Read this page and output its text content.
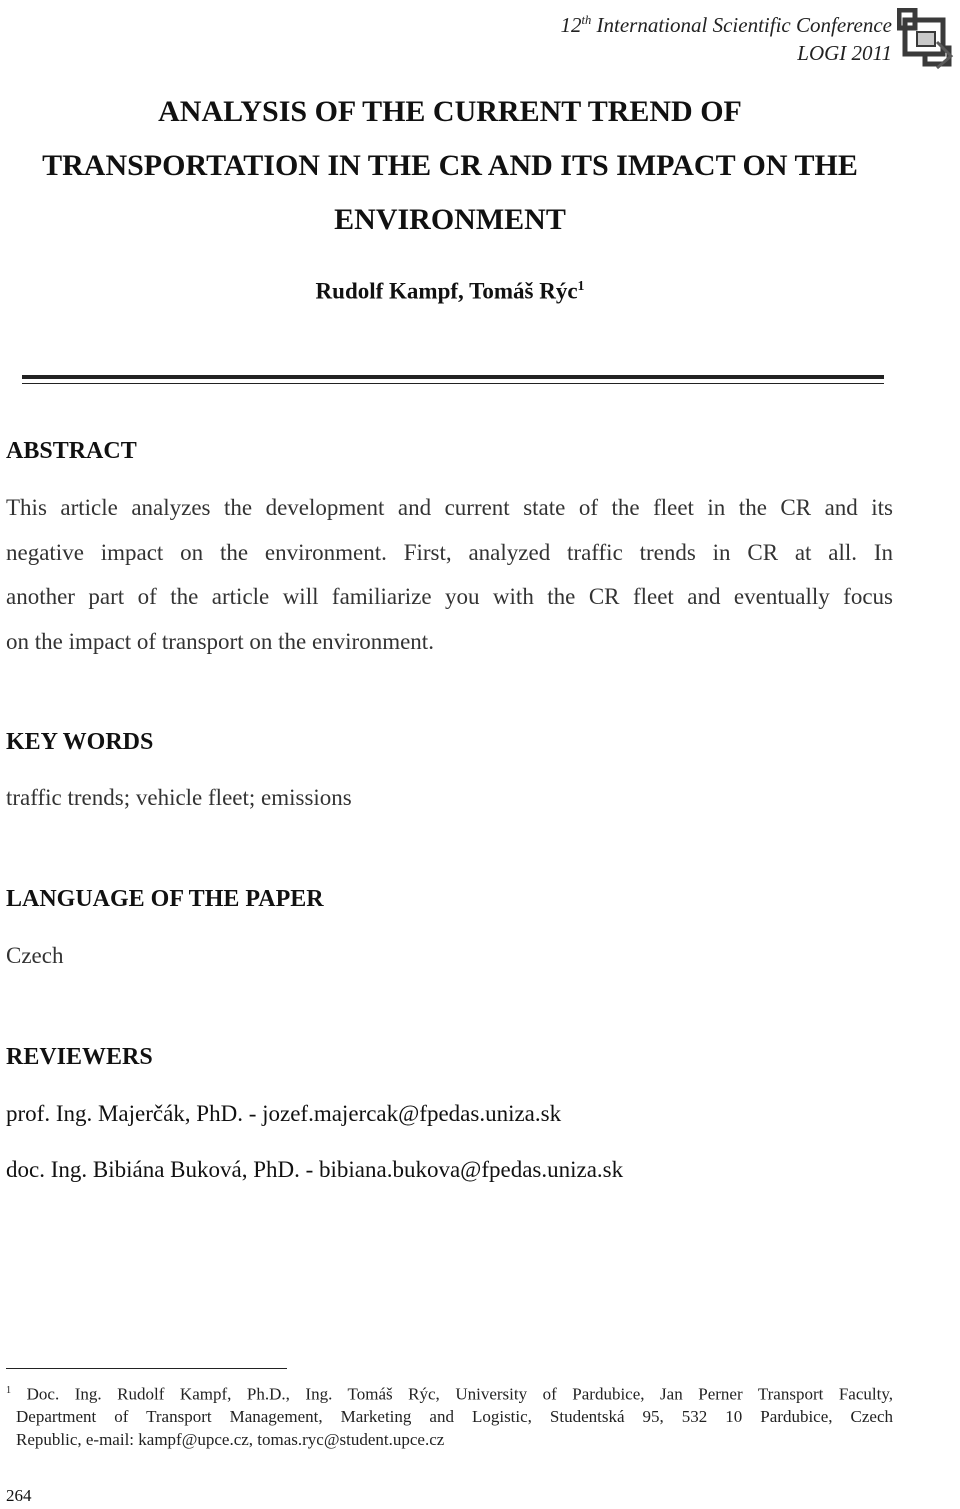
12th International Scientific Conference
LOGI 2011
ANALYSIS OF THE CURRENT TREND OF
TRANSPORTATION IN THE CR AND ITS IMPACT ON THE
ENVIRONMENT
Rudolf Kampf, Tomáš Rýc$^1$
ABSTRACT
This article analyzes the development and current state of the fleet in the CR and its
negative impact on the environment. First, analyzed traffic trends in CR at all. In
another part of the article will familiarize you with the CR fleet and eventually focus
on the impact of transport on the environment.
KEY WORDS
traffic trends; vehicle fleet; emissions
LANGUAGE OF THE PAPER
Czech
REVIEWERS
prof. Ing. Majerčák, PhD. - jozef.majercak@fpedas.uniza.sk
doc. Ing. Bibiána Buková, PhD. - bibiana.bukova@fpedas.uniza.sk
$^1$ Doc. Ing. Rudolf Kampf, Ph.D., Ing. Tomáš Rýc, University of Pardubice, Jan Perner Transport Faculty,
Department of Transport Management, Marketing and Logistic, Studentská 95, 532 10 Pardubice, Czech
Republic, e-mail: kampf@upce.cz, tomas.ryc@student.upce.cz
264
